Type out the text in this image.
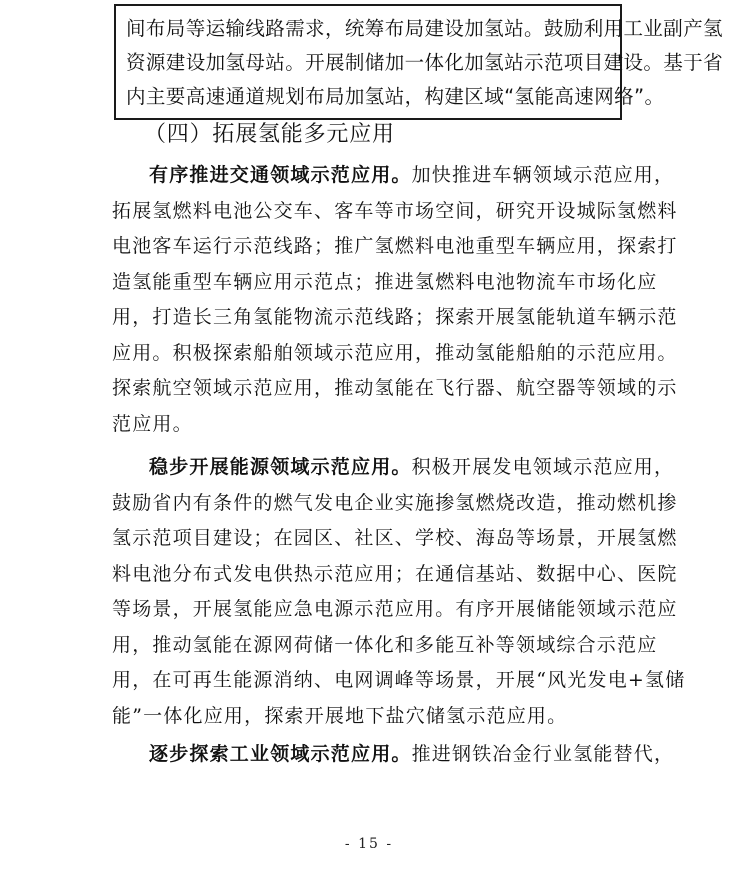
间布局等运输线路需求，统筹布局建设加氢站。鼓励利用工业副产氢
资源建设加氢母站。开展制储加一体化加氢站示范项目建设。基于省
内主要高速通道规划布局加氢站，构建区域“氢能高速网络”。
（四）拓展氢能多元应用
有序推进交通领域示范应用。加快推进车辆领域示范应用，
拓展氢燃料电池公交车、客车等市场空间，研究开设城际氢燃料
电池客车运行示范线路；推广氢燃料电池重型车辆应用，探索打
造氢能重型车辆应用示范点；推进氢燃料电池物流车市场化应
用，打造长三角氢能物流示范线路；探索开展氢能轨道车辆示范
应用。积极探索船舶领域示范应用，推动氢能船舶的示范应用。
探索航空领域示范应用，推动氢能在飞行器、航空器等领域的示
范应用。
稳步开展能源领域示范应用。积极开展发电领域示范应用，
鼓励省内有条件的燃气发电企业实施掺氢燃烧改造，推动燃机掺
氢示范项目建设；在园区、社区、学校、海岛等场景，开展氢燃
料电池分布式发电供热示范应用；在通信基站、数据中心、医院
等场景，开展氢能应急电源示范应用。有序开展储能领域示范应
用，推动氢能在源网荷储一体化和多能互补等领域综合示范应
用，在可再生能源消纳、电网调峰等场景，开展“风光发电+氢储
能”一体化应用，探索开展地下盐穴储氢示范应用。
逐步探索工业领域示范应用。推进钢铁冶金行业氢能替代，
- 15 -
